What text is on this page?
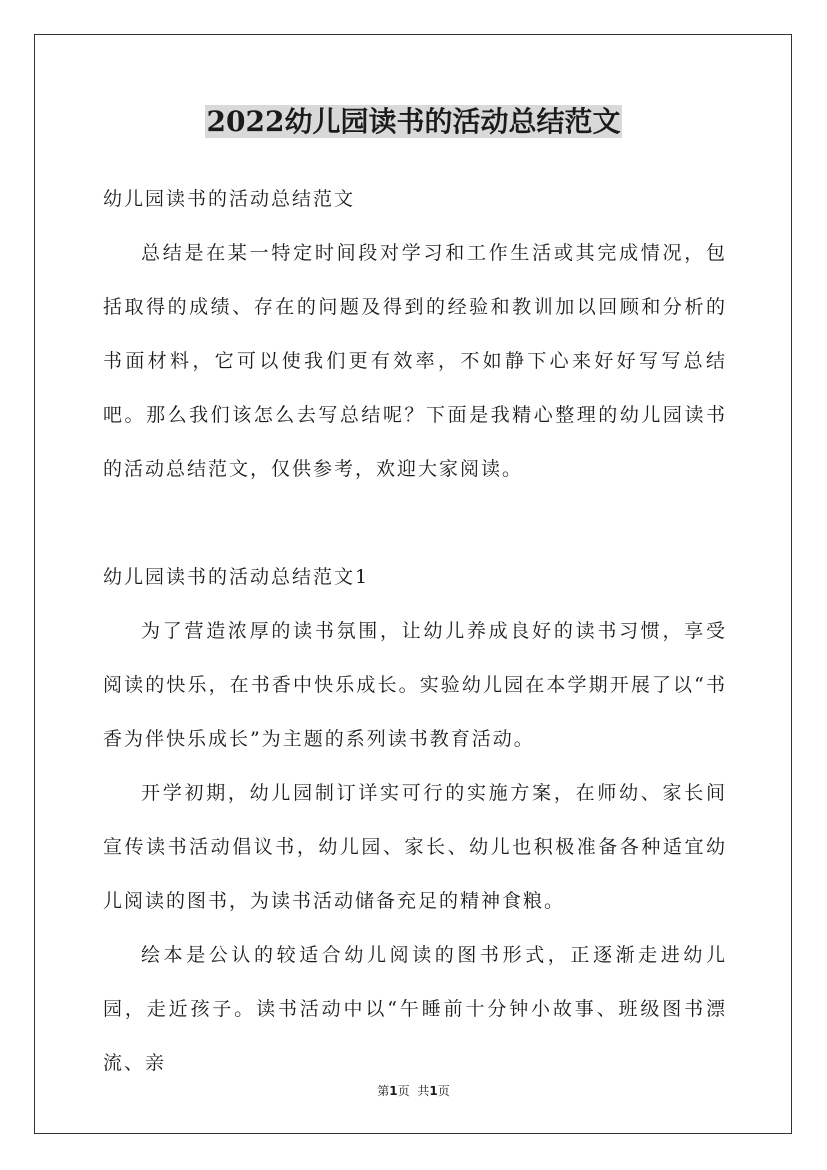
2022幼儿园读书的活动总结范文

幼儿园读书的活动总结范文

总结是在某一特定时间段对学习和工作生活或其完成情况，包括取得的成绩、存在的问题及得到的经验和教训加以回顾和分析的书面材料，它可以使我们更有效率，不如静下心来好好写写总结吧。那么我们该怎么去写总结呢？下面是我精心整理的幼儿园读书的活动总结范文，仅供参考，欢迎大家阅读。

幼儿园读书的活动总结范文1

为了营造浓厚的读书氛围，让幼儿养成良好的读书习惯，享受阅读的快乐，在书香中快乐成长。实验幼儿园在本学期开展了以“书香为伴快乐成长”为主题的系列读书教育活动。

开学初期，幼儿园制订详实可行的实施方案，在师幼、家长间宣传读书活动倡议书，幼儿园、家长、幼儿也积极准备各种适宜幼儿阅读的图书，为读书活动储备充足的精神食粮。

绘本是公认的较适合幼儿阅读的图书形式，正逐渐走进幼儿园，走近孩子。读书活动中以“午睡前十分钟小故事、班级图书漂流、亲

第1页 共1页
